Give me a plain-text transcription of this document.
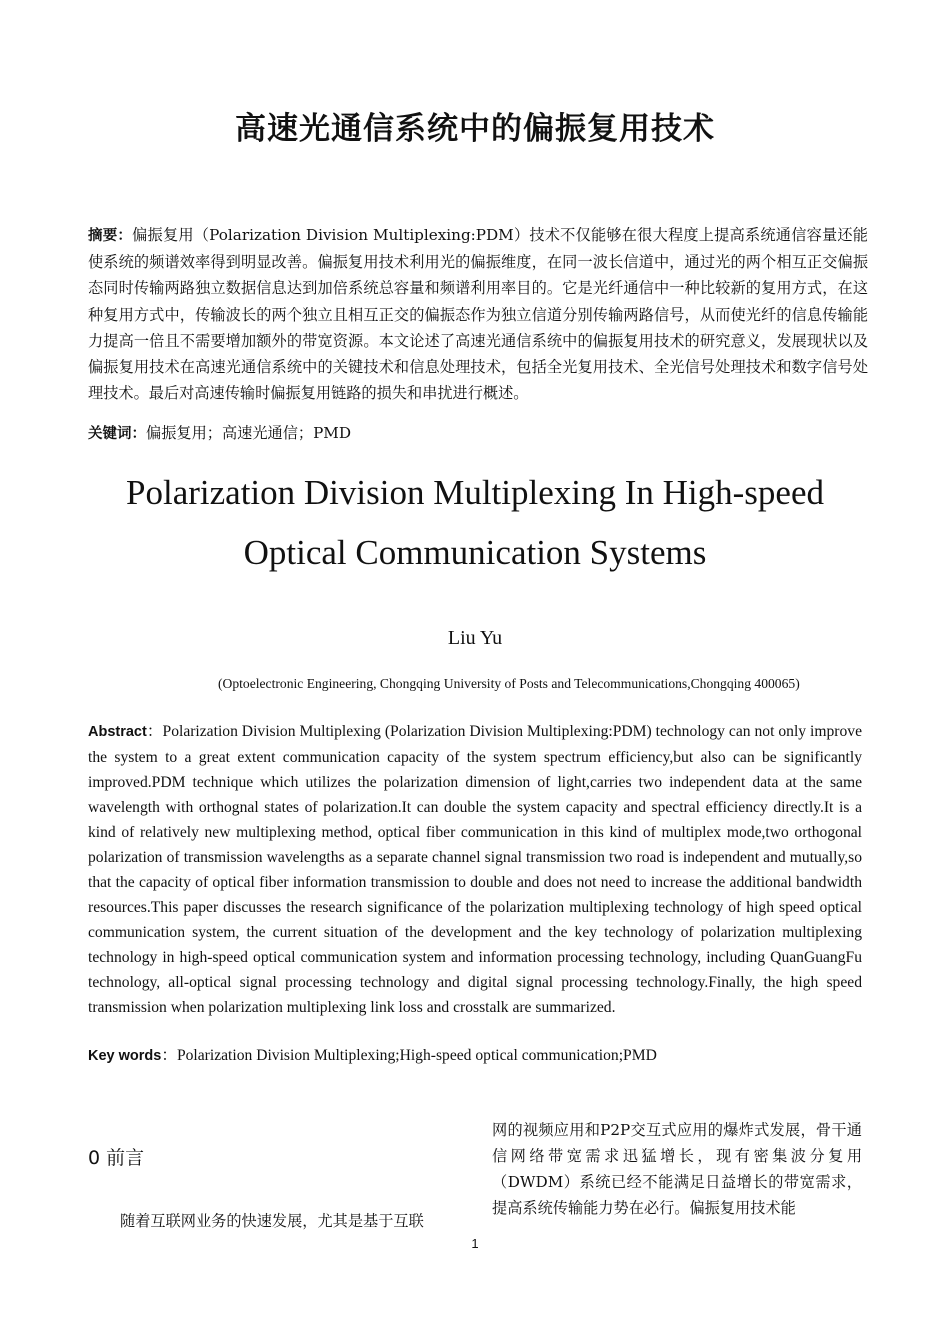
高速光通信系统中的偏振复用技术

摘要：偏振复用（Polarization Division Multiplexing:PDM）技术不仅能够在很大程度上提高系统通信容量还能使系统的频谱效率得到明显改善。偏振复用技术利用光的偏振维度，在同一波长信道中，通过光的两个相互正交偏振态同时传输两路独立数据信息达到加倍系统总容量和频谱利用率目的。它是光纤通信中一种比较新的复用方式，在这种复用方式中，传输波长的两个独立且相互正交的偏振态作为独立信道分别传输两路信号，从而使光纤的信息传输能力提高一倍且不需要增加额外的带宽资源。本文论述了高速光通信系统中的偏振复用技术的研究意义，发展现状以及偏振复用技术在高速光通信系统中的关键技术和信息处理技术，包括全光复用技术、全光信号处理技术和数字信号处理技术。最后对高速传输时偏振复用链路的损失和串扰进行概述。

关键词：偏振复用；高速光通信；PMD

Polarization Division Multiplexing In High-speed
Optical Communication Systems
Liu Yu
(Optoelectronic Engineering, Chongqing University of Posts and Telecommunications,Chongqing 400065)

Abstract：Polarization Division Multiplexing (Polarization Division Multiplexing:PDM) technology can not only improve the system to a great extent communication capacity of the system spectrum efficiency,but also can be significantly improved.PDM technique which utilizes the polarization dimension of light,carries two independent data at the same wavelength with orthognal states of polarization.It can double the system capacity and spectral efficiency directly.It is a kind of relatively new multiplexing method, optical fiber communication in this kind of multiplex mode,two orthogonal polarization of transmission wavelengths as a separate channel signal transmission two road is independent and mutually,so that the capacity of optical fiber information transmission to double and does not need to increase the additional bandwidth resources.This paper discusses the research significance of the polarization multiplexing technology of high speed optical communication system, the current situation of the development and the key technology of polarization multiplexing technology in high-speed optical communication system and information processing technology, including QuanGuangFu technology, all-optical signal processing technology and digital signal processing technology.Finally, the high speed transmission when polarization multiplexing link loss and crosstalk are summarized.

Key words：Polarization Division Multiplexing;High-speed optical communication;PMD

0 前言

随着互联网业务的快速发展，尤其是基于互联

网的视频应用和P2P交互式应用的爆炸式发展，骨干通信网络带宽需求迅猛增长，现有密集波分复用（DWDM）系统已经不能满足日益增长的带宽需求，提高系统传输能力势在必行。偏振复用技术能

1
